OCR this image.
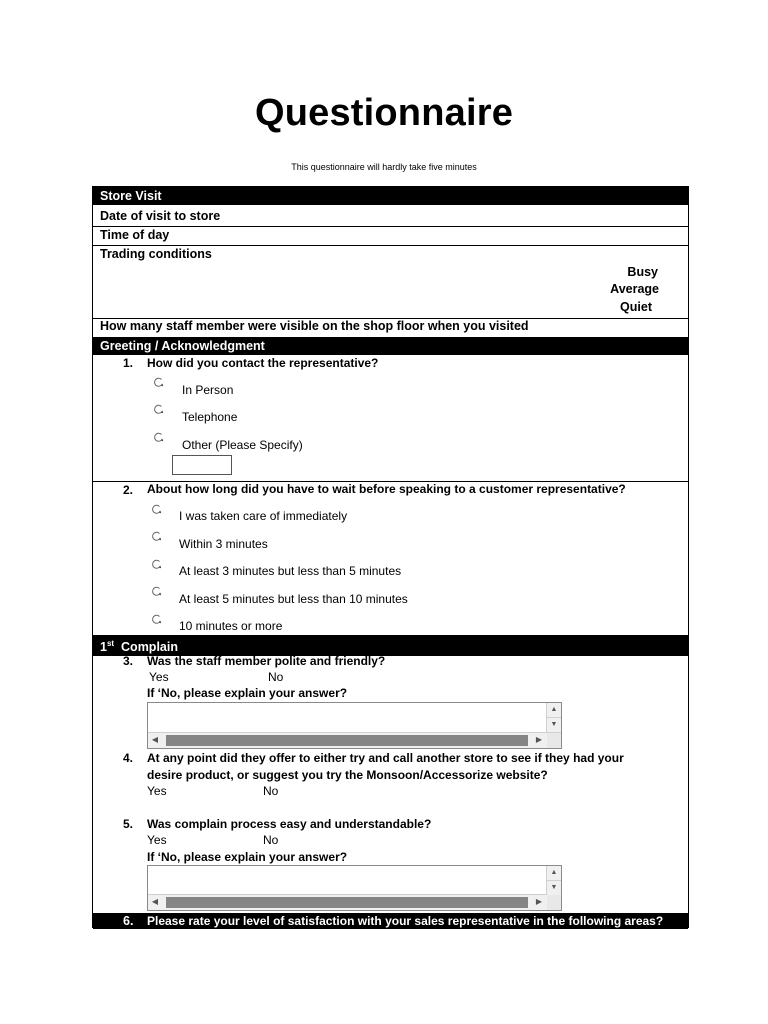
Questionnaire
This questionnaire will hardly take five minutes
Store Visit
Date of visit to store
Time of day
Trading conditions
Busy
Average
Quiet
How many staff member were visible on the shop floor when you visited
Greeting / Acknowledgment
1. How did you contact the representative?
In Person
Telephone
Other (Please Specify)
2. About how long did you have to wait before speaking to a customer representative?
I was taken care of immediately
Within 3 minutes
At least 3 minutes but less than 5 minutes
At least 5 minutes but less than 10 minutes
10 minutes or more
1st Complain
3. Was the staff member polite and friendly?
Yes	No
If ‘No, please explain your answer?
▲
▼
◀	▶
4. At any point did they offer to either try and call another store to see if they had your
desire product, or suggest you try the Monsoon/Accessorize website?
Yes	No
5. Was complain process easy and understandable?
Yes	No
If ‘No, please explain your answer?
▲
▼
◀	▶
6. Please rate your level of satisfaction with your sales representative in the following areas?
